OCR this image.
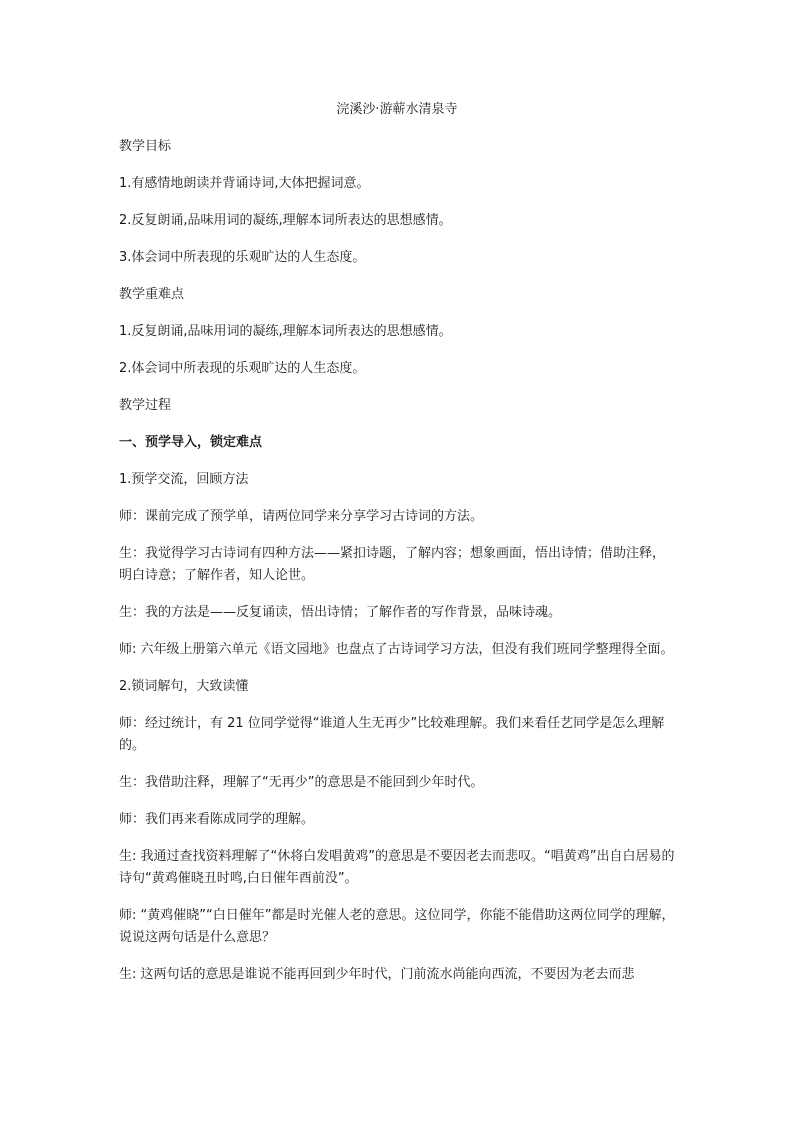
浣溪沙·游蕲水清泉寺

教学目标

1.有感情地朗读并背诵诗词,大体把握词意。

2.反复朗诵,品味用词的凝练,理解本词所表达的思想感情。

3.体会词中所表现的乐观旷达的人生态度。

教学重难点

1.反复朗诵,品味用词的凝练,理解本词所表达的思想感情。

2.体会词中所表现的乐观旷达的人生态度。

教学过程

一、预学导入，锁定难点

1.预学交流，回顾方法

师：课前完成了预学单，请两位同学来分享学习古诗词的方法。

生：我觉得学习古诗词有四种方法——紧扣诗题，了解内容；想象画面，悟出诗情；借助注释，明白诗意；了解作者，知人论世。

生：我的方法是——反复诵读，悟出诗情；了解作者的写作背景，品味诗魂。

师: 六年级上册第六单元《语文园地》也盘点了古诗词学习方法，但没有我们班同学整理得全面。

2.锁词解句，大致读懂

师：经过统计，有 21 位同学觉得“谁道人生无再少”比较难理解。我们来看任艺同学是怎么理解的。

生：我借助注释，理解了“无再少”的意思是不能回到少年时代。

师：我们再来看陈成同学的理解。

生: 我通过查找资料理解了“休将白发唱黄鸡”的意思是不要因老去而悲叹。“唱黄鸡”出自白居易的诗句“黄鸡催晓丑时鸣,白日催年酉前没”。

师: “黄鸡催晓”“白日催年”都是时光催人老的意思。这位同学，你能不能借助这两位同学的理解，说说这两句话是什么意思？

生: 这两句话的意思是谁说不能再回到少年时代，门前流水尚能向西流，不要因为老去而悲
